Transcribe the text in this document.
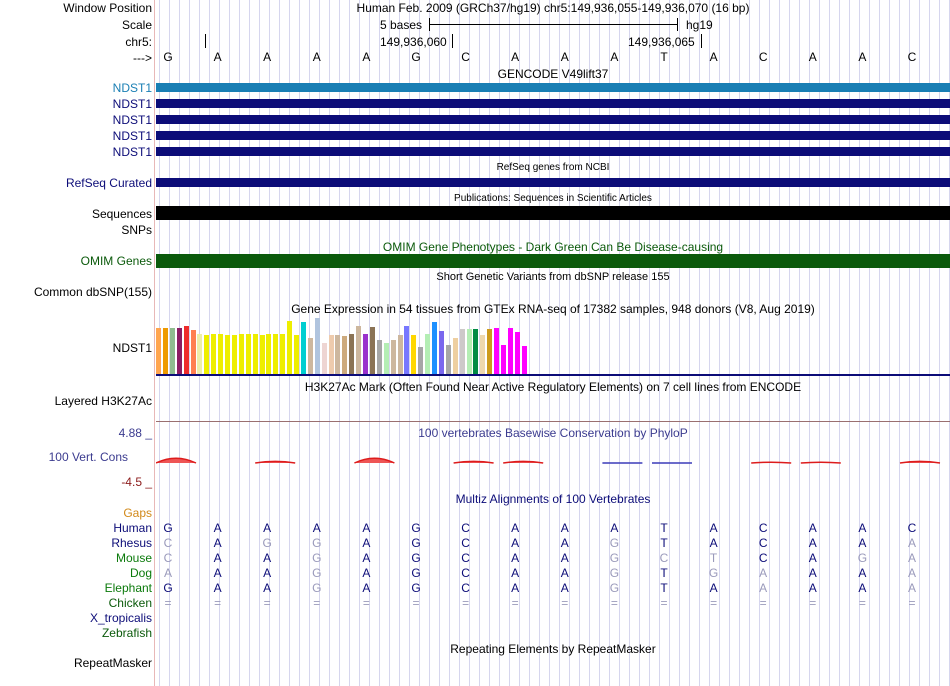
Window Position
Scale
chr5:
--->
Human Feb. 2009 (GRCh37/hg19) chr5:149,936,055-149,936,070 (16 bp)
5 bases	hg19
149,936,060	149,936,065
G	A	A	A	A	G	C	A	A	A	T	A	C	A	A	C
GENCODE V49lift37
NDST1
NDST1
NDST1
NDST1
NDST1
RefSeq genes from NCBI
RefSeq Curated
Publications: Sequences in Scientific Articles
Sequences
SNPs
OMIM Gene Phenotypes - Dark Green Can Be Disease-causing
OMIM Genes
Short Genetic Variants from dbSNP release 155
Common dbSNP(155)
Gene Expression in 54 tissues from GTEx RNA-seq of 17382 samples, 948 donors (V8, Aug 2019)
NDST1
H3K27Ac Mark (Often Found Near Active Regulatory Elements) on 7 cell lines from ENCODE
Layered H3K27Ac
100 vertebrates Basewise Conservation by PhyloP
4.88 _
100 Vert. Cons
-4.5 _
Multiz Alignments of 100 Vertebrates
Gaps
Human G	A	A	A	A	G	C	A	A	A	T	A	C	A	A	C
Rhesus C	A	G	G	A	G	C	A	A	G	T	A	C	A	A	A
Mouse C	A	A	G	A	G	C	A	A	G	C	T	C	A	G	A
Dog A	A	A	G	A	G	C	A	A	G	T	G	A	A	A	A
Elephant G	A	A	G	A	G	C	A	A	G	T	A	A	A	A	A
Chicken	=	=	=	=	=	=	=	=	=	=	=	=	=	=	=	=
X_tropicalis
Zebrafish
Repeating Elements by RepeatMasker
RepeatMasker
